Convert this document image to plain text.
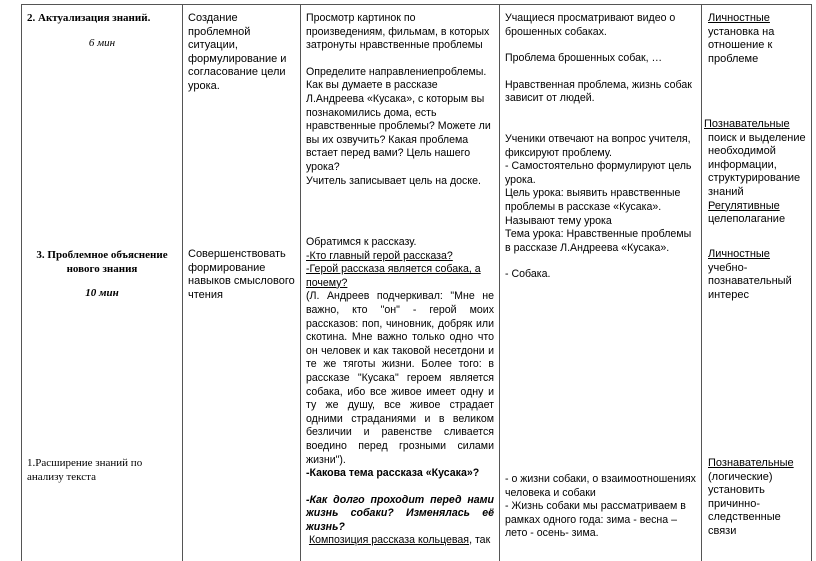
2. Актуализация знаний.

6 мин

3. Проблемное объяснение нового знания

10 мин

1.Расширение знаний по анализу текста

Создание проблемной ситуации, формулирование и согласование цели урока.

Совершенствовать формирование навыков смыслового чтения

Просмотр картинок по произведениям, фильмам, в которых затронуты нравственные проблемы

Определите направлениепроблемы. Как вы думаете в рассказе Л.Андреева «Кусака», с которым вы познакомились дома, есть нравственные проблемы? Можете ли вы их озвучить? Какая проблема встает перед вами? Цель нашего урока?

Учитель записывает цель на доске.

Обратимся к рассказу.

-Кто главный герой рассказа?

-Герой рассказа является собака, а почему?

(Л. Андреев подчеркивал: "Мне не важно, кто "он" - герой моих рассказов: поп, чиновник, добряк или скотина. Мне важно только одно что он человек и как таковой несетдони и те же тяготы жизни. Более того: в рассказе "Кусака" героем является собака, ибо все живое имеет одну и ту же душу, все живое страдает одними страданиями и в великом безличии и равенстве сливается воедино перед грозными силами жизни").

-Какова тема рассказа «Кусака»?

-Как долго проходит перед нами жизнь собаки? Изменялась её жизнь?

Композиция рассказа кольцевая, так

Учащиеся просматривают видео о брошенных собаках.

Проблема брошенных собак, …

Нравственная проблема, жизнь собак зависит от людей.

Ученики отвечают на вопрос учителя, фиксируют проблему.

- Самостоятельно формулируют цель урока.

Цель урока: выявить нравственные проблемы в рассказе «Кусака».

Называют тему урока

Тема урока: Нравственные проблемы в рассказе Л.Андреева «Кусака».

- Собака.

- о жизни собаки, о взаимоотношениях человека и собаки

- Жизнь собаки мы рассматриваем в рамках одного года: зима - весна – лето - осень- зима.

Личностные

установка на отношение к проблеме

Познавательные

поиск и выделение необходимой информации, структурирование знаний

Регулятивные

целеполагание

Личностные

учебно-познавательный интерес

Познавательные

(логические) установить причинно-следственные связи
